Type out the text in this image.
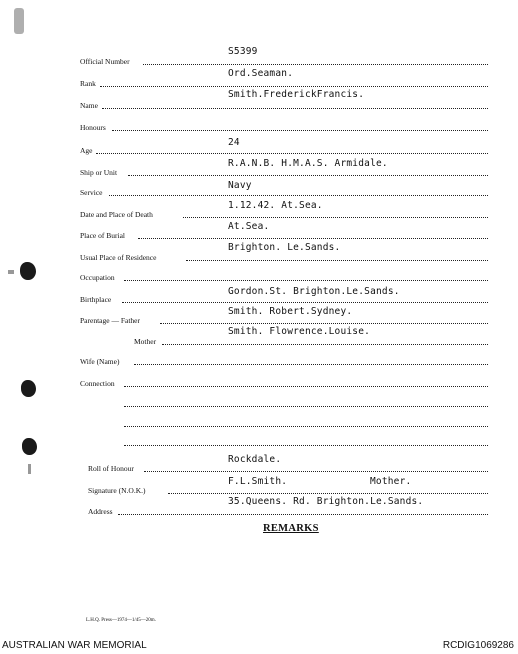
Official Number
S5399
Rank
Ord.Seaman.
Name
Smith.FrederickFrancis.
Honours
Age
24
Ship or Unit
R.A.N.B. H.M.A.S. Armidale.
Service
Navy
Date and Place of Death
1.12.42. At.Sea.
Place of Burial
At.Sea.
Usual Place of Residence
Brighton. Le.Sands.
Occupation
Birthplace
Gordon.St. Brighton.Le.Sands.
Parentage — Father
Smith. Robert.Sydney.
Mother
Smith. Flowrence.Louise.
Wife (Name)
Connection
Roll of Honour
Rockdale.
Signature (N.O.K.)
F.L.Smith.	Mother.
Address
35.Queens. Rd. Brighton.Le.Sands.
REMARKS
L.H.Q. Press—1974—1/45—20m.
AUSTRALIAN WAR MEMORIAL	RCDIG1069286
